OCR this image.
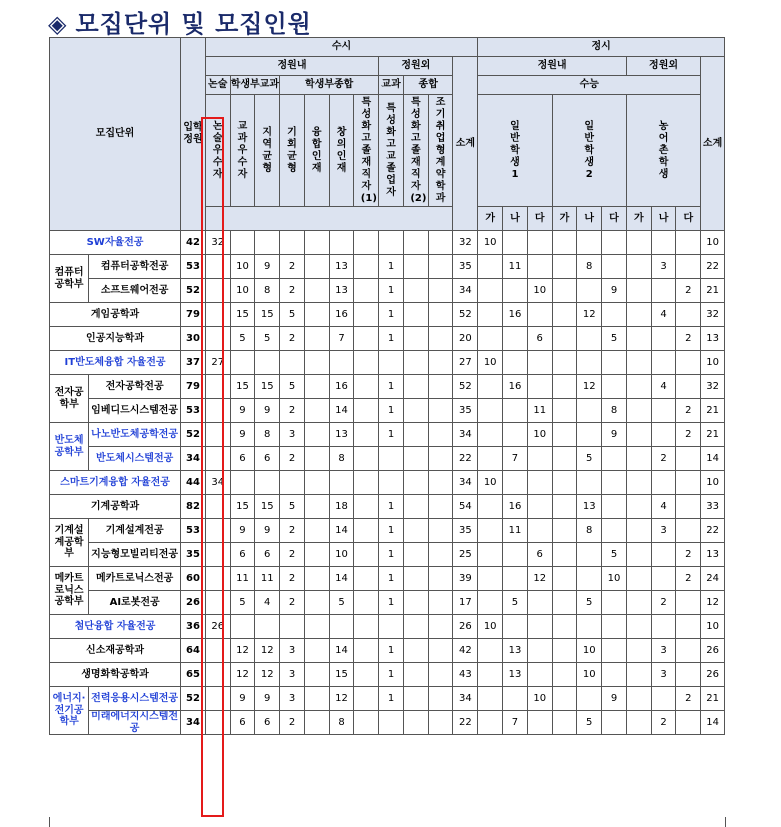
◈ 모집단위 및 모집인원
모집단위		입학정원	수시											정시									
			정원내							정원외			소계	정원내						정원외			소계
			논술	학생부교과		학생부종합				교과	종합			수능									
			논술우수자	교과우수자	지역균형	기회균형	융합인재	창의인재	특성화고졸재직자(1)	특성화고교졸업자	특성화고졸재직자(2)	조기취업형계약학과		일반학생1			일반학생2			농어촌학생			
														가	나	다	가	나	다	가	나	다	
SW자율전공		42	32										32	10									10
컴퓨터공학부	컴퓨터공학전공	53		10	9	2		13		1			35		11			8			3		22
	소프트웨어전공	52		10	8	2		13		1			34			10			9			2	21
게임공학과		79		15	15	5		16		1			52		16			12			4		32
인공지능학과		30		5	5	2		7		1			20			6			5			2	13
IT반도체융합 자율전공		37	27										27	10									10
전자공학부	전자공학전공	79		15	15	5		16		1			52		16			12			4		32
	임베디드시스템전공	53		9	9	2		14		1			35			11			8			2	21
반도체공학부	나노반도체공학전공	52		9	8	3		13		1			34			10			9			2	21
	반도체시스템전공	34		6	6	2		8					22		7			5			2		14
스마트기계융합 자율전공		44	34										34	10									10
기계공학과		82		15	15	5		18		1			54		16			13			4		33
기계설계공학부	기계설계전공	53		9	9	2		14		1			35		11			8			3		22
	지능형모빌리티전공	35		6	6	2		10		1			25			6			5			2	13
메카트로닉스공학부	메카트로닉스전공	60		11	11	2		14		1			39			12			10			2	24
	AI로봇전공	26		5	4	2		5		1			17		5			5			2		12
첨단융합 자율전공		36	26										26	10									10
신소재공학과		64		12	12	3		14		1			42		13			10			3		26
생명화학공학과		65		12	12	3		15		1			43		13			10			3		26
에너지·전기공학부	전력응용시스템전공	52		9	9	3		12		1			34			10			9			2	21
	미래에너지시스템전공	34		6	6	2		8					22		7			5			2		14
